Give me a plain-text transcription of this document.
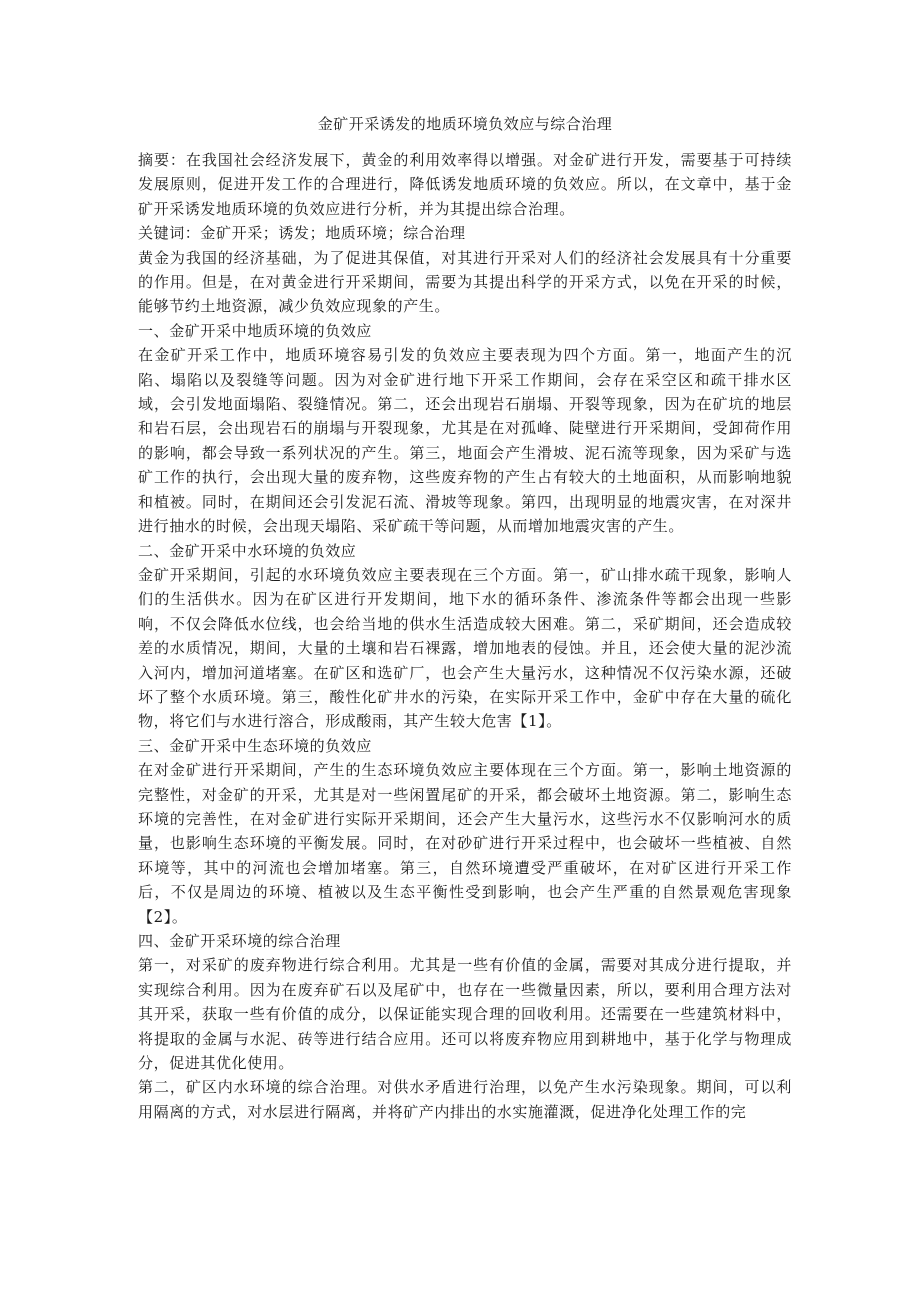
金矿开采诱发的地质环境负效应与综合治理

摘要：在我国社会经济发展下，黄金的利用效率得以增强。对金矿进行开发，需要基于可持续发展原则，促进开发工作的合理进行，降低诱发地质环境的负效应。所以，在文章中，基于金矿开采诱发地质环境的负效应进行分析，并为其提出综合治理。

关键词：金矿开采；诱发；地质环境；综合治理

黄金为我国的经济基础，为了促进其保值，对其进行开采对人们的经济社会发展具有十分重要的作用。但是，在对黄金进行开采期间，需要为其提出科学的开采方式，以免在开采的时候，能够节约土地资源，减少负效应现象的产生。

一、金矿开采中地质环境的负效应

在金矿开采工作中，地质环境容易引发的负效应主要表现为四个方面。第一，地面产生的沉陷、塌陷以及裂缝等问题。因为对金矿进行地下开采工作期间，会存在采空区和疏干排水区域，会引发地面塌陷、裂缝情况。第二，还会出现岩石崩塌、开裂等现象，因为在矿坑的地层和岩石层，会出现岩石的崩塌与开裂现象，尤其是在对孤峰、陡壁进行开采期间，受卸荷作用的影响，都会导致一系列状况的产生。第三，地面会产生滑坡、泥石流等现象，因为采矿与选矿工作的执行，会出现大量的废弃物，这些废弃物的产生占有较大的土地面积，从而影响地貌和植被。同时，在期间还会引发泥石流、滑坡等现象。第四，出现明显的地震灾害，在对深井进行抽水的时候，会出现天塌陷、采矿疏干等问题，从而增加地震灾害的产生。

二、金矿开采中水环境的负效应

金矿开采期间，引起的水环境负效应主要表现在三个方面。第一，矿山排水疏干现象，影响人们的生活供水。因为在矿区进行开发期间，地下水的循环条件、渗流条件等都会出现一些影响，不仅会降低水位线，也会给当地的供水生活造成较大困难。第二，采矿期间，还会造成较差的水质情况，期间，大量的土壤和岩石裸露，增加地表的侵蚀。并且，还会使大量的泥沙流入河内，增加河道堵塞。在矿区和选矿厂，也会产生大量污水，这种情况不仅污染水源，还破坏了整个水质环境。第三，酸性化矿井水的污染，在实际开采工作中，金矿中存在大量的硫化物，将它们与水进行溶合，形成酸雨，其产生较大危害【1】。

三、金矿开采中生态环境的负效应

在对金矿进行开采期间，产生的生态环境负效应主要体现在三个方面。第一，影响土地资源的完整性，对金矿的开采，尤其是对一些闲置尾矿的开采，都会破坏土地资源。第二，影响生态环境的完善性，在对金矿进行实际开采期间，还会产生大量污水，这些污水不仅影响河水的质量，也影响生态环境的平衡发展。同时，在对砂矿进行开采过程中，也会破坏一些植被、自然环境等，其中的河流也会增加堵塞。第三，自然环境遭受严重破坏，在对矿区进行开采工作后，不仅是周边的环境、植被以及生态平衡性受到影响，也会产生严重的自然景观危害现象【2】。

四、金矿开采环境的综合治理

第一，对采矿的废弃物进行综合利用。尤其是一些有价值的金属，需要对其成分进行提取，并实现综合利用。因为在废弃矿石以及尾矿中，也存在一些微量因素，所以，要利用合理方法对其开采，获取一些有价值的成分，以保证能实现合理的回收利用。还需要在一些建筑材料中，将提取的金属与水泥、砖等进行结合应用。还可以将废弃物应用到耕地中，基于化学与物理成分，促进其优化使用。

第二，矿区内水环境的综合治理。对供水矛盾进行治理，以免产生水污染现象。期间，可以利用隔离的方式，对水层进行隔离，并将矿产内排出的水实施灌溉，促进净化处理工作的完
